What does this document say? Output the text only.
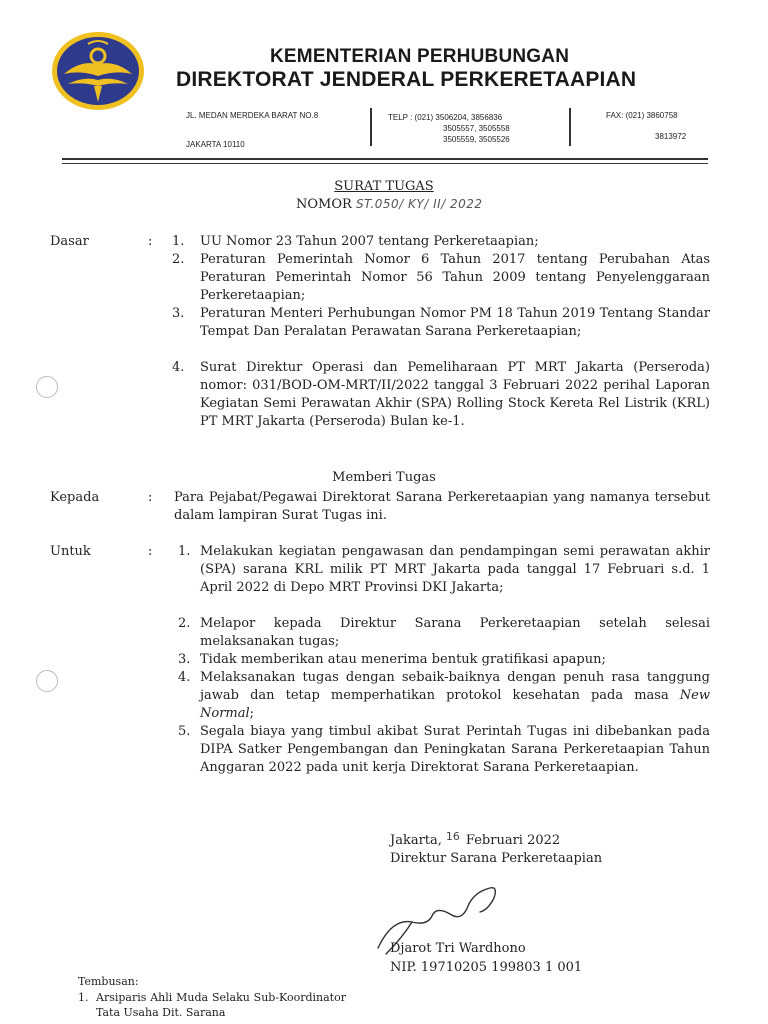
KEMENTERIAN PERHUBUNGAN
DIREKTORAT JENDERAL PERKERETAAPIAN
JL. MEDAN MERDEKA BARAT NO.8
JAKARTA 10110
TELP : (021) 3506204, 3856836
3505557, 3505558
3505559, 3505526
FAX: (021) 3860758
3813972
SURAT TUGAS
NOMOR ST.050/ KY/ II/ 2022
Dasar	: 1.	UU Nomor 23 Tahun 2007 tentang Perkeretaapian;
2.	Peraturan Pemerintah Nomor 6 Tahun 2017 tentang Perubahan Atas Peraturan Pemerintah Nomor 56 Tahun 2009 tentang Penyelenggaraan Perkeretaapian;
3.	Peraturan Menteri Perhubungan Nomor PM 18 Tahun 2019 Tentang Standar Tempat Dan Peralatan Perawatan Sarana Perkeretaapian;
4.	Surat Direktur Operasi dan Pemeliharaan PT MRT Jakarta (Perseroda) nomor: 031/BOD-OM-MRT/II/2022 tanggal 3 Februari 2022 perihal Laporan Kegiatan Semi Perawatan Akhir (SPA) Rolling Stock Kereta Rel Listrik (KRL) PT MRT Jakarta (Perseroda) Bulan ke-1.
Memberi Tugas
Kepada	: Para Pejabat/Pegawai Direktorat Sarana Perkeretaapian yang namanya tersebut dalam lampiran Surat Tugas ini.
Untuk	: 1. Melakukan kegiatan pengawasan dan pendampingan semi perawatan akhir (SPA) sarana KRL milik PT MRT Jakarta pada tanggal 17 Februari s.d. 1 April 2022 di Depo MRT Provinsi DKI Jakarta;
2. Melapor kepada Direktur Sarana Perkeretaapian setelah selesai melaksanakan tugas;
3. Tidak memberikan atau menerima bentuk gratifikasi apapun;
4. Melaksanakan tugas dengan sebaik-baiknya dengan penuh rasa tanggung jawab dan tetap memperhatikan protokol kesehatan pada masa New Normal;
5. Segala biaya yang timbul akibat Surat Perintah Tugas ini dibebankan pada DIPA Satker Pengembangan dan Peningkatan Sarana Perkeretaapian Tahun Anggaran 2022 pada unit kerja Direktorat Sarana Perkeretaapian.
Jakarta, $^{16}$ Februari 2022
Direktur Sarana Perkeretaapian
Djarot Tri Wardhono
NIP. 19710205 199803 1 001
Tembusan:
1. Arsiparis Ahli Muda Selaku Sub-Koordinator Tata Usaha Dit. Sarana
